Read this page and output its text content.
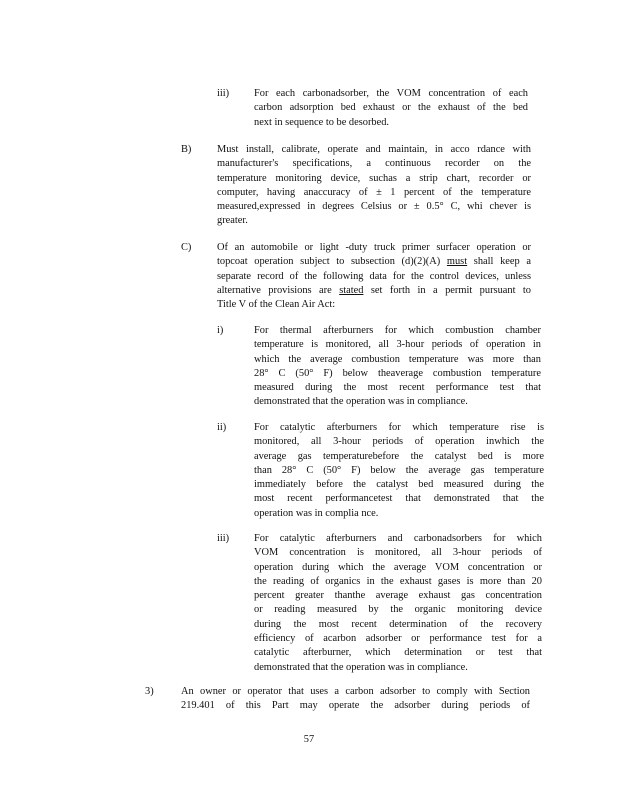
iii) For each carbonadsorber, the VOM concentration of each
carbon adsorption bed exhaust or the exhaust of the bed
next in sequence to be desorbed.
B) Must install, calibrate, operate and maintain, in acco rdance with
manufacturer's specifications, a continuous recorder on the
temperature monitoring device, suchas a strip chart, recorder or
computer, having anaccuracy of ± 1 percent of the temperature
measured,expressed in degrees Celsius or ± 0.5° C, whi chever is
greater.
C) Of an automobile or light -duty truck primer surfacer operation or
topcoat operation subject to subsection (d)(2)(A) must shall keep a
separate record of the following data for the control devices, unless
alternative provisions are stated set forth in a permit pursuant to
Title V of the Clean Air Act:
i)	For thermal afterburners for which combustion chamber
temperature is monitored, all 3-hour periods of operation in
which the average combustion temperature was more than
28° C (50° F) below theaverage combustion temperature
measured during the most recent performance test that
demonstrated that the operation was in compliance.
ii)	For catalytic afterburners for which temperature rise is
monitored, all 3-hour periods of operation inwhich the
average gas temperaturebefore the catalyst bed is more
than 28° C (50° F) below the average gas temperature
immediately before the catalyst bed measured during the
most recent performancetest that demonstrated that the
operation was in complia nce.
iii) For catalytic afterburners and carbonadsorbers for which
VOM concentration is monitored, all 3-hour periods of
operation during which the average VOM concentration or
the reading of organics in the exhaust gases is more than 20
percent greater thanthe average exhaust gas concentration
or reading measured by the organic monitoring device
during the most recent determination of the recovery
efficiency of acarbon adsorber or performance test for a
catalytic afterburner, which determination or test that
demonstrated that the operation was in compliance.
3)	An owner or operator that uses a carbon adsorber to comply with Section
219.401 of this Part may operate the adsorber during periods of
57
